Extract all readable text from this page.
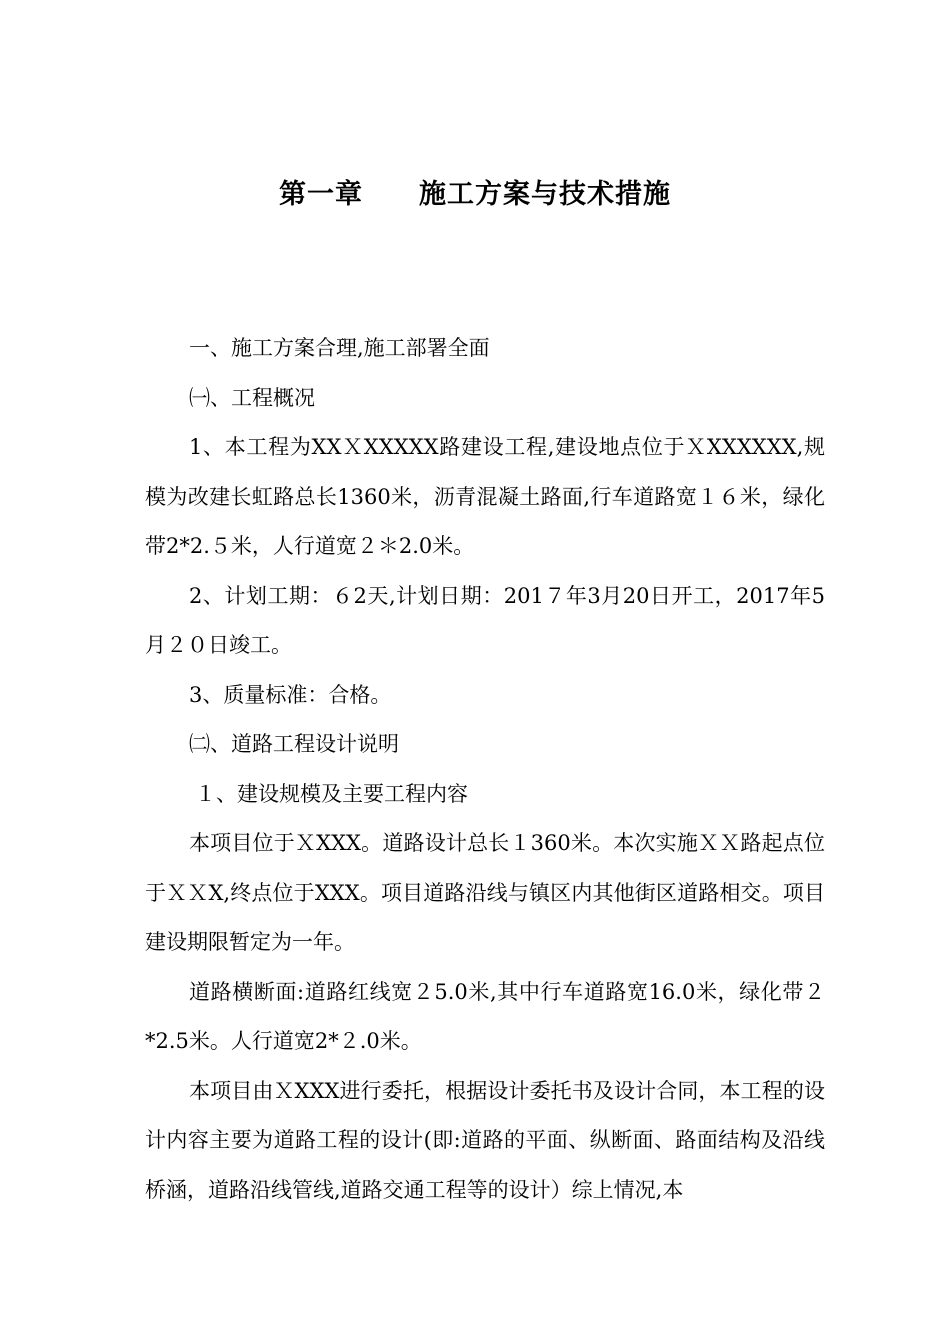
第一章　　施工方案与技术措施

一、施工方案合理,施工部署全面

㈠、工程概况

1、本工程为XXＸXXXXX路建设工程,建设地点位于ＸXXXXXX,规模为改建长虹路总长1360米，沥青混凝土路面,行车道路宽１６米，绿化带2*2.５米，人行道宽２＊2.0米。

2、计划工期：６2天,计划日期：201７年3月20日开工，2017年5月２０日竣工。

3、质量标准：合格。

㈡、道路工程设计说明

１、建设规模及主要工程内容

本项目位于ＸXXX。道路设计总长１360米。本次实施ＸＸ路起点位于ＸＸX,终点位于XXX。项目道路沿线与镇区内其他街区道路相交。项目建设期限暂定为一年。

道路横断面:道路红线宽２5.0米,其中行车道路宽16.0米，绿化带２*2.5米。人行道宽2*２.0米。

本项目由ＸXXX进行委托，根据设计委托书及设计合同，本工程的设计内容主要为道路工程的设计(即:道路的平面、纵断面、路面结构及沿线桥涵，道路沿线管线,道路交通工程等的设计）综上情况,本
